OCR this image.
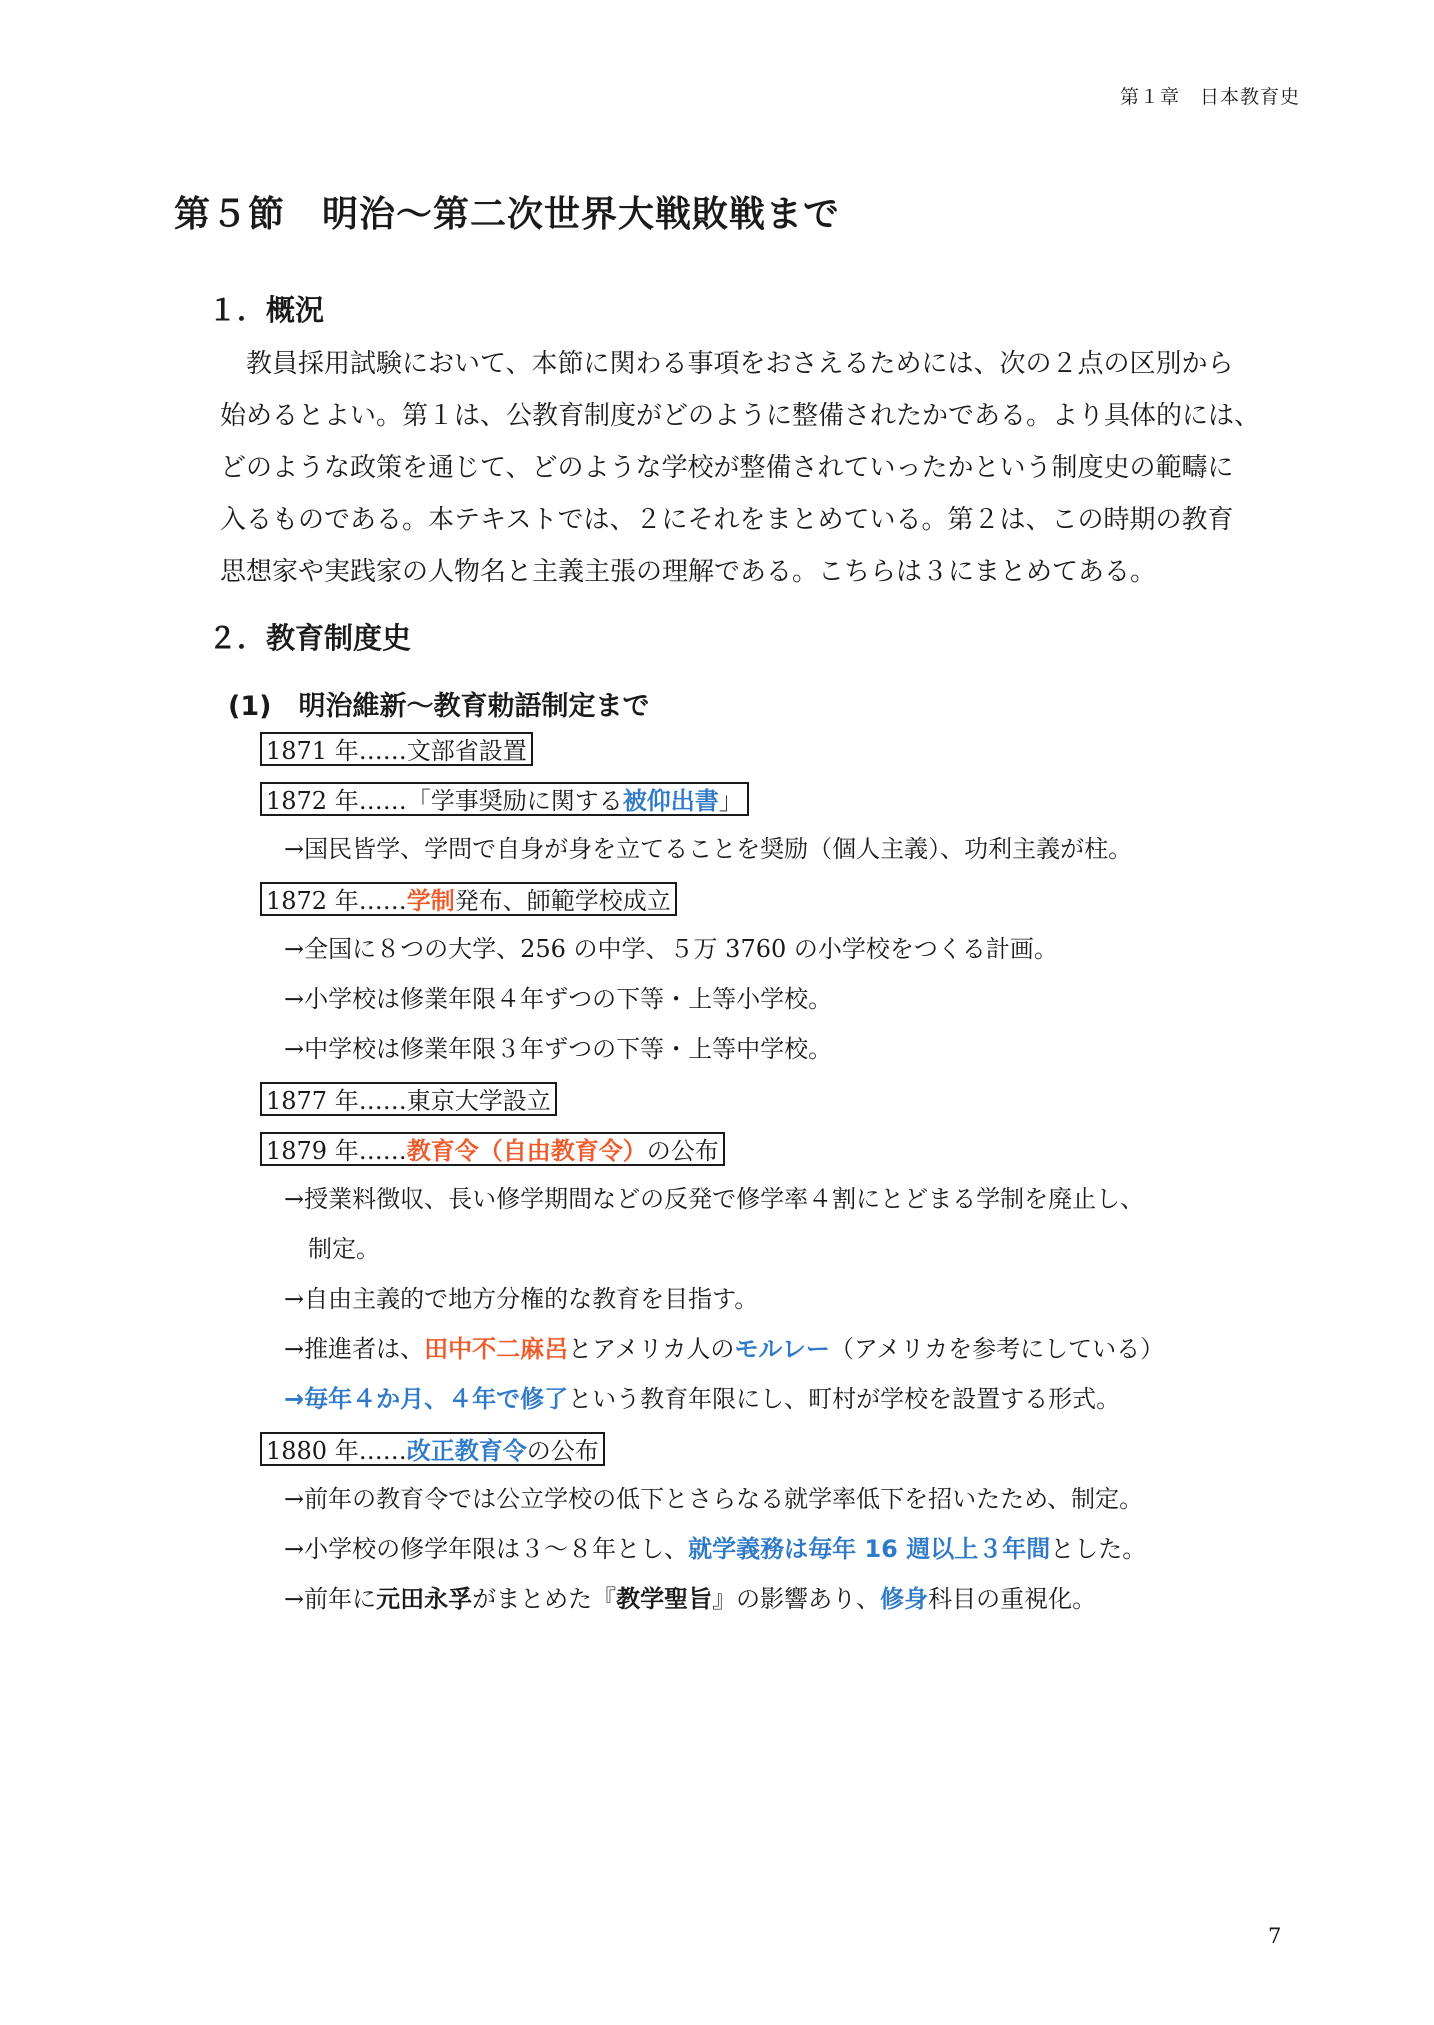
第１章　日本教育史
第５節　明治～第二次世界大戦敗戦まで
１．概況

　教員採用試験において、本節に関わる事項をおさえるためには、次の２点の区別から

始めるとよい。第１は、公教育制度がどのように整備されたかである。より具体的には、

どのような政策を通じて、どのような学校が整備されていったかという制度史の範疇に

入るものである。本テキストでは、２にそれをまとめている。第２は、この時期の教育

思想家や実践家の人物名と主義主張の理解である。こちらは３にまとめてある。

２．教育制度史
(1)　明治維新～教育勅語制定まで
1871 年……文部省設置
1872 年……「学事奨励に関する被仰出書」
→国民皆学、学問で自身が身を立てることを奨励（個人主義）、功利主義が柱。
1872 年……学制発布、師範学校成立
→全国に８つの大学、256 の中学、５万 3760 の小学校をつくる計画。
→小学校は修業年限４年ずつの下等・上等小学校。
→中学校は修業年限３年ずつの下等・上等中学校。
1877 年……東京大学設立
1879 年……教育令（自由教育令）の公布
→授業料徴収、長い修学期間などの反発で修学率４割にとどまる学制を廃止し、
　制定。
→自由主義的で地方分権的な教育を目指す。
→推進者は、田中不二麻呂とアメリカ人のモルレー（アメリカを参考にしている）
→毎年４か月、４年で修了という教育年限にし、町村が学校を設置する形式。
1880 年……改正教育令の公布
→前年の教育令では公立学校の低下とさらなる就学率低下を招いたため、制定。
→小学校の修学年限は３～８年とし、就学義務は毎年 16 週以上３年間とした。
→前年に元田永孚がまとめた『教学聖旨』の影響あり、修身科目の重視化。
7
